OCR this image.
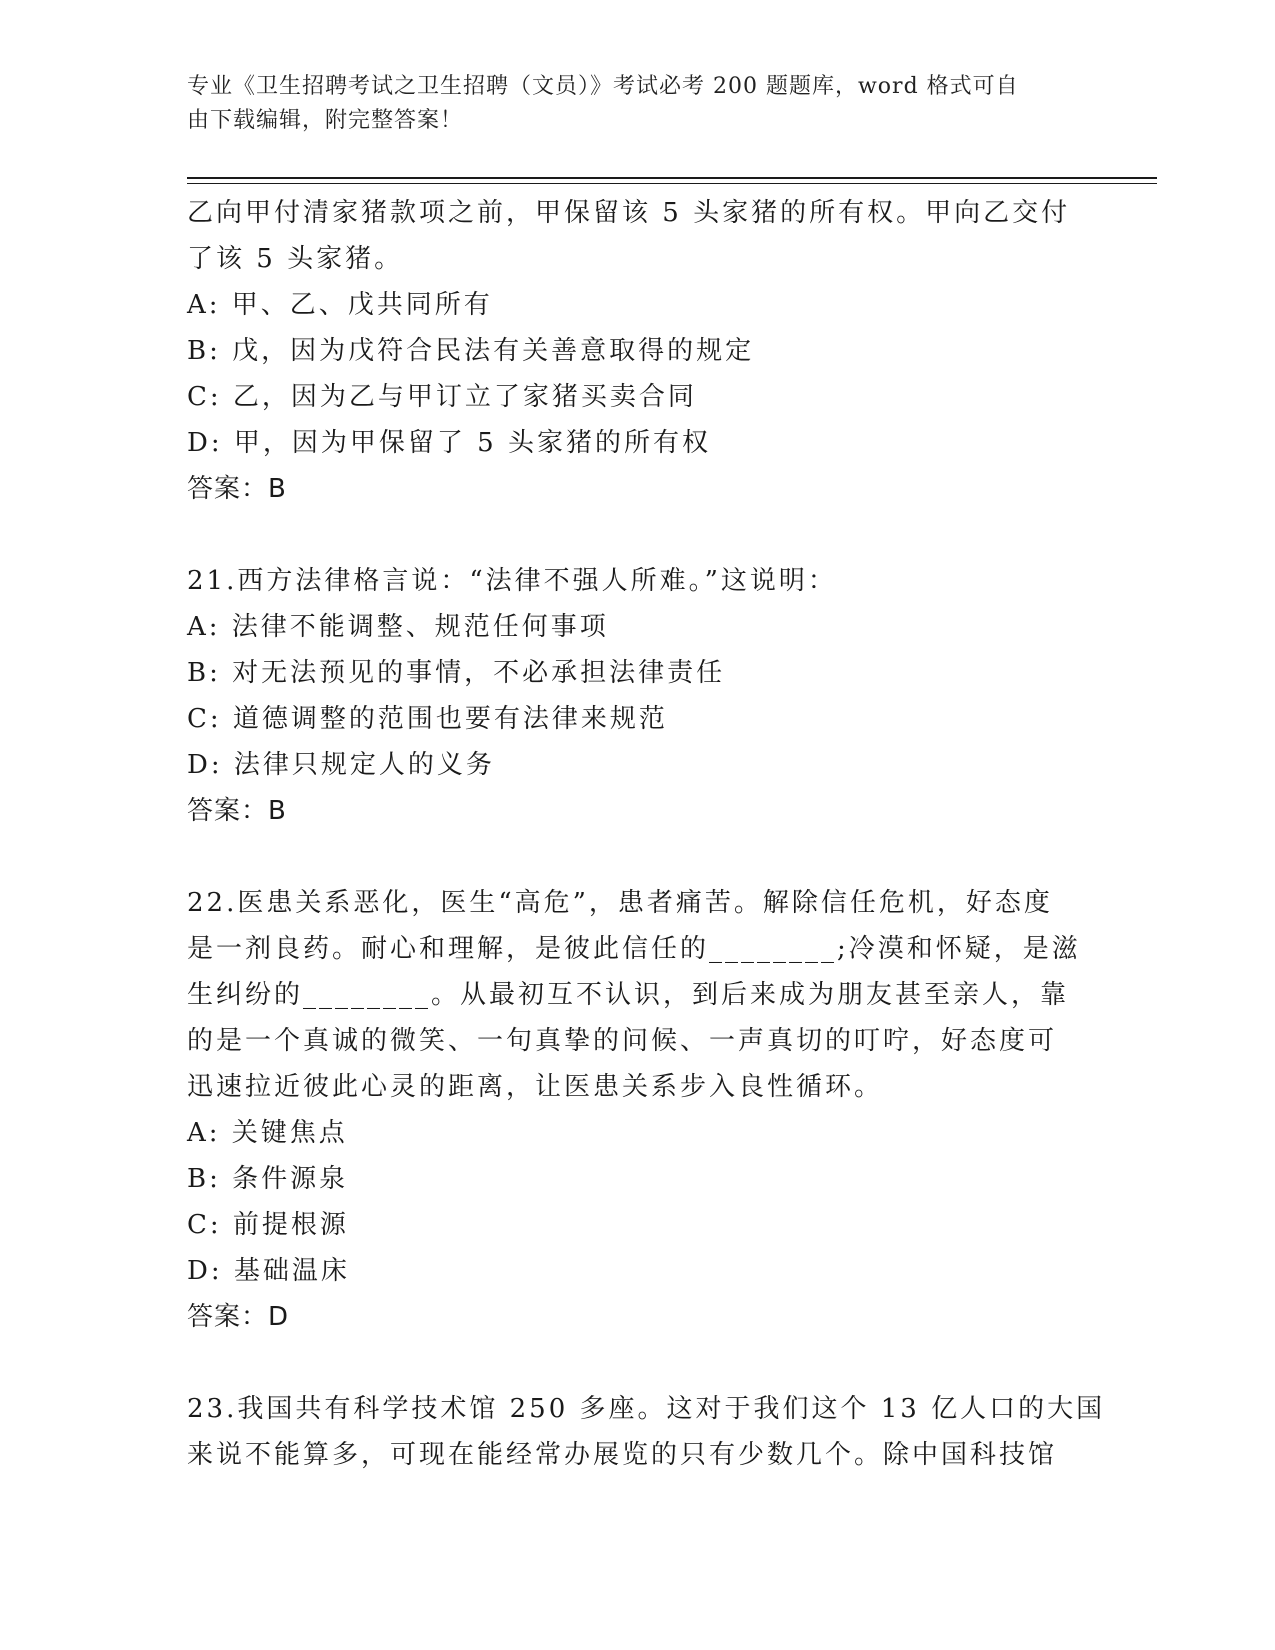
专业《卫生招聘考试之卫生招聘（文员）》考试必考 200 题题库，word 格式可自
由下载编辑，附完整答案！
乙向甲付清家猪款项之前，甲保留该 5 头家猪的所有权。甲向乙交付
了该 5 头家猪。
A: 甲、乙、戊共同所有
B: 戊，因为戊符合民法有关善意取得的规定
C: 乙，因为乙与甲订立了家猪买卖合同
D: 甲，因为甲保留了 5 头家猪的所有权
答案：B
21.西方法律格言说：“法律不强人所难。”这说明：
A: 法律不能调整、规范任何事项
B: 对无法预见的事情，不必承担法律责任
C: 道德调整的范围也要有法律来规范
D: 法律只规定人的义务
答案：B
22.医患关系恶化，医生“高危”，患者痛苦。解除信任危机，好态度
是一剂良药。耐心和理解，是彼此信任的________;冷漠和怀疑，是滋
生纠纷的________。从最初互不认识，到后来成为朋友甚至亲人，靠
的是一个真诚的微笑、一句真挚的问候、一声真切的叮咛，好态度可
迅速拉近彼此心灵的距离，让医患关系步入良性循环。
A: 关键焦点
B: 条件源泉
C: 前提根源
D: 基础温床
答案：D
23.我国共有科学技术馆 250 多座。这对于我们这个 13 亿人口的大国
来说不能算多，可现在能经常办展览的只有少数几个。除中国科技馆
